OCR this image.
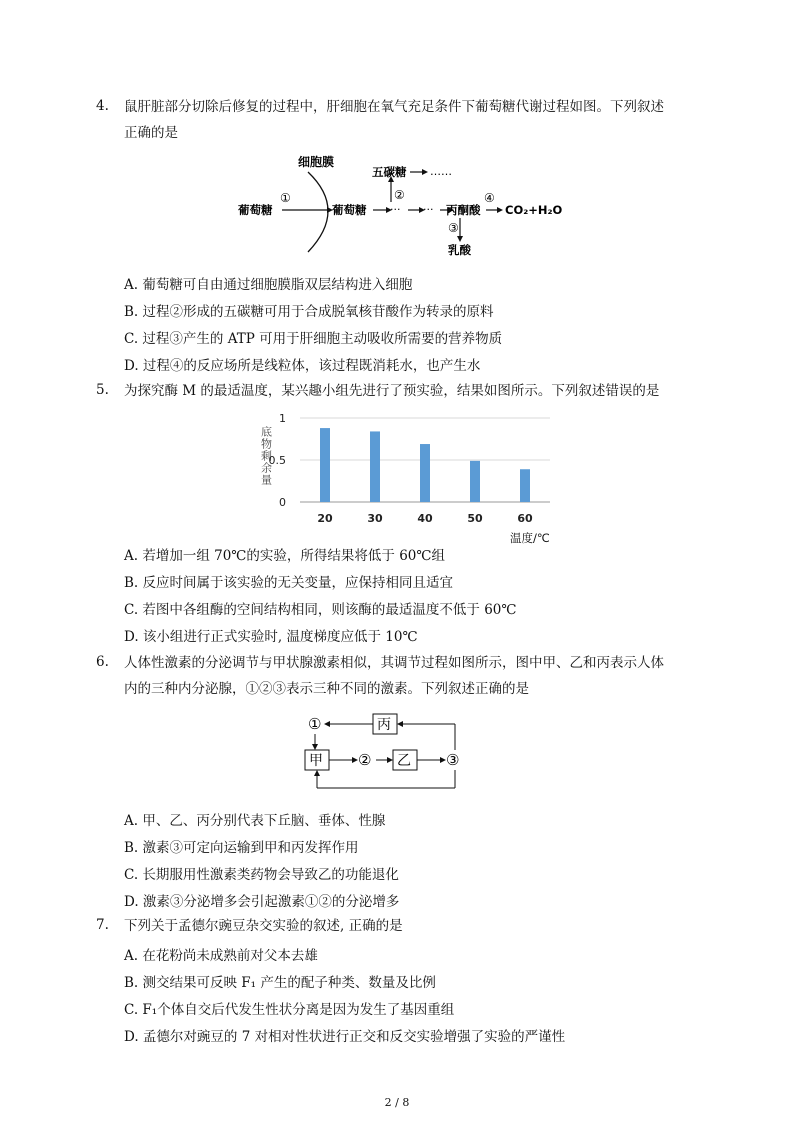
4. 鼠肝脏部分切除后修复的过程中，肝细胞在氧气充足条件下葡萄糖代谢过程如图。下列叙述
正确的是
细胞膜
葡萄糖
①
葡萄糖 ··· ··· 丙酮酸
②
五碳糖 ……
④
CO₂+H₂O
③
乳酸
A. 葡萄糖可自由通过细胞膜脂双层结构进入细胞
B. 过程②形成的五碳糖可用于合成脱氧核苷酸作为转录的原料
C. 过程③产生的 ATP 可用于肝细胞主动吸收所需要的营养物质
D. 过程④的反应场所是线粒体，该过程既消耗水，也产生水
5. 为探究酶 M 的最适温度，某兴趣小组先进行了预实验，结果如图所示。下列叙述错误的是
底物剩余量
0
0.5
1
20	30	40	50	60
温度/℃
A. 若增加一组 70℃的实验，所得结果将低于 60℃组
B. 反应时间属于该实验的无关变量，应保持相同且适宜
C. 若图中各组酶的空间结构相同，则该酶的最适温度不低于 60℃
D. 该小组进行正式实验时, 温度梯度应低于 10℃
6. 人体性激素的分泌调节与甲状腺激素相似，其调节过程如图所示，图中甲、乙和丙表示人体
内的三种内分泌腺，①②③表示三种不同的激素。下列叙述正确的是
①	丙
甲 ② 乙 ③
A. 甲、乙、丙分别代表下丘脑、垂体、性腺
B. 激素③可定向运输到甲和丙发挥作用
C. 长期服用性激素类药物会导致乙的功能退化
D. 激素③分泌增多会引起激素①②的分泌增多
7. 下列关于孟德尔豌豆杂交实验的叙述, 正确的是
A. 在花粉尚未成熟前对父本去雄
B. 测交结果可反映 F₁ 产生的配子种类、数量及比例
C. F₁个体自交后代发生性状分离是因为发生了基因重组
D. 孟德尔对豌豆的 7 对相对性状进行正交和反交实验增强了实验的严谨性
2 / 8
